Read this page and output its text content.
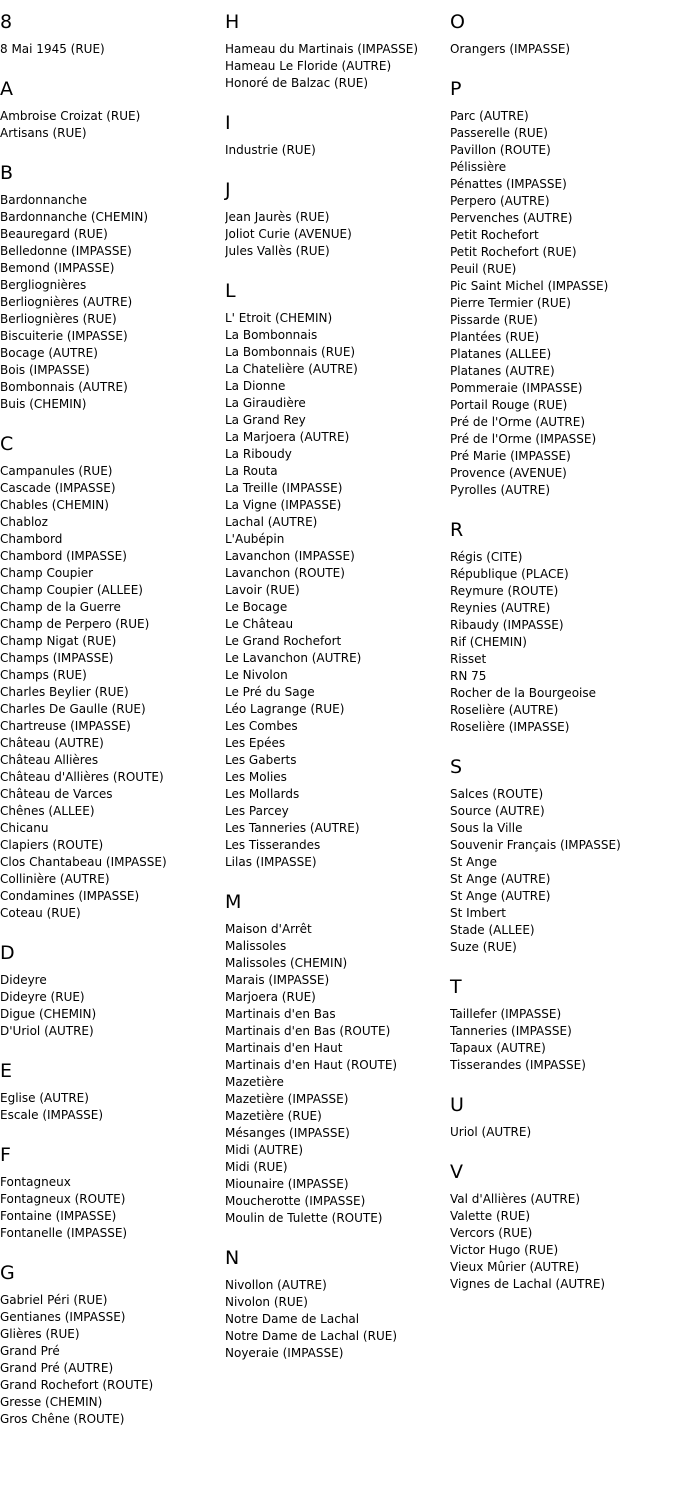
8
8 Mai 1945 (RUE)
A
Ambroise Croizat (RUE)
Artisans (RUE)
B
Bardonnanche
Bardonnanche (CHEMIN)
Beauregard (RUE)
Belledonne (IMPASSE)
Bemond (IMPASSE)
Bergliognières
Berliognières (AUTRE)
Berliognières (RUE)
Biscuiterie (IMPASSE)
Bocage (AUTRE)
Bois (IMPASSE)
Bombonnais (AUTRE)
Buis (CHEMIN)
C
Campanules (RUE)
Cascade (IMPASSE)
Chables (CHEMIN)
Chabloz
Chambord
Chambord (IMPASSE)
Champ Coupier
Champ Coupier (ALLEE)
Champ de la Guerre
Champ de Perpero (RUE)
Champ Nigat (RUE)
Champs (IMPASSE)
Champs (RUE)
Charles Beylier (RUE)
Charles De Gaulle (RUE)
Chartreuse (IMPASSE)
Château (AUTRE)
Château Allières
Château d'Allières (ROUTE)
Château de Varces
Chênes (ALLEE)
Chicanu
Clapiers (ROUTE)
Clos Chantabeau (IMPASSE)
Collinière (AUTRE)
Condamines (IMPASSE)
Coteau (RUE)
D
Dideyre
Dideyre (RUE)
Digue (CHEMIN)
D'Uriol (AUTRE)
E
Eglise (AUTRE)
Escale (IMPASSE)
F
Fontagneux
Fontagneux (ROUTE)
Fontaine (IMPASSE)
Fontanelle (IMPASSE)
G
Gabriel Péri (RUE)
Gentianes (IMPASSE)
Glières (RUE)
Grand Pré
Grand Pré (AUTRE)
Grand Rochefort (ROUTE)
Gresse (CHEMIN)
Gros Chêne (ROUTE)
H
Hameau du Martinais (IMPASSE)
Hameau Le Floride (AUTRE)
Honoré de Balzac (RUE)
I
Industrie (RUE)
J
Jean Jaurès (RUE)
Joliot Curie (AVENUE)
Jules Vallès (RUE)
L
L' Etroit (CHEMIN)
La Bombonnais
La Bombonnais (RUE)
La Chatelière (AUTRE)
La Dionne
La Giraudière
La Grand Rey
La Marjoera (AUTRE)
La Riboudy
La Routa
La Treille (IMPASSE)
La Vigne (IMPASSE)
Lachal (AUTRE)
L'Aubépin
Lavanchon (IMPASSE)
Lavanchon (ROUTE)
Lavoir (RUE)
Le Bocage
Le Château
Le Grand Rochefort
Le Lavanchon (AUTRE)
Le Nivolon
Le Pré du Sage
Léo Lagrange (RUE)
Les Combes
Les Epées
Les Gaberts
Les Molies
Les Mollards
Les Parcey
Les Tanneries (AUTRE)
Les Tisserandes
Lilas (IMPASSE)
M
Maison d'Arrêt
Malissoles
Malissoles (CHEMIN)
Marais (IMPASSE)
Marjoera (RUE)
Martinais d'en Bas
Martinais d'en Bas (ROUTE)
Martinais d'en Haut
Martinais d'en Haut (ROUTE)
Mazetière
Mazetière (IMPASSE)
Mazetière (RUE)
Mésanges (IMPASSE)
Midi (AUTRE)
Midi (RUE)
Miounaire (IMPASSE)
Moucherotte (IMPASSE)
Moulin de Tulette (ROUTE)
N
Nivollon (AUTRE)
Nivolon (RUE)
Notre Dame de Lachal
Notre Dame de Lachal (RUE)
Noyeraie (IMPASSE)
O
Orangers (IMPASSE)
P
Parc (AUTRE)
Passerelle (RUE)
Pavillon (ROUTE)
Pélissière
Pénattes (IMPASSE)
Perpero (AUTRE)
Pervenches (AUTRE)
Petit Rochefort
Petit Rochefort (RUE)
Peuil (RUE)
Pic Saint Michel (IMPASSE)
Pierre Termier (RUE)
Pissarde (RUE)
Plantées (RUE)
Platanes (ALLEE)
Platanes (AUTRE)
Pommeraie (IMPASSE)
Portail Rouge (RUE)
Pré de l'Orme (AUTRE)
Pré de l'Orme (IMPASSE)
Pré Marie (IMPASSE)
Provence (AVENUE)
Pyrolles (AUTRE)
R
Régis (CITE)
République (PLACE)
Reymure (ROUTE)
Reynies (AUTRE)
Ribaudy (IMPASSE)
Rif (CHEMIN)
Risset
RN 75
Rocher de la Bourgeoise
Roselière (AUTRE)
Roselière (IMPASSE)
S
Salces (ROUTE)
Source (AUTRE)
Sous la Ville
Souvenir Français (IMPASSE)
St Ange
St Ange (AUTRE)
St Ange (AUTRE)
St Imbert
Stade (ALLEE)
Suze (RUE)
T
Taillefer (IMPASSE)
Tanneries (IMPASSE)
Tapaux (AUTRE)
Tisserandes (IMPASSE)
U
Uriol (AUTRE)
V
Val d'Allières (AUTRE)
Valette (RUE)
Vercors (RUE)
Victor Hugo (RUE)
Vieux Mûrier (AUTRE)
Vignes de Lachal (AUTRE)
